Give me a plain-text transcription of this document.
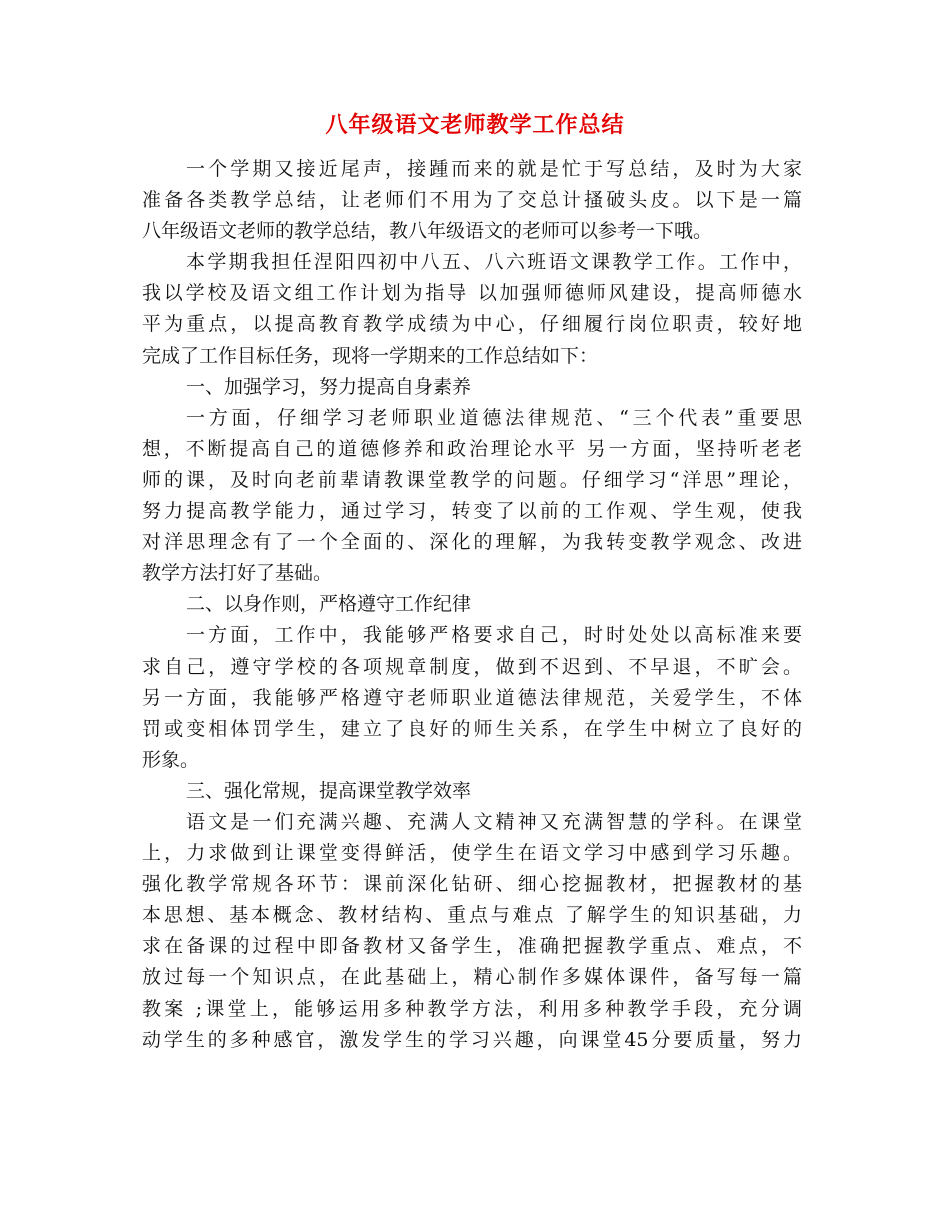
八年级语文老师教学工作总结
一个学期又接近尾声，接踵而来的就是忙于写总结，及时为大家
准备各类教学总结，让老师们不用为了交总计搔破头皮。以下是一篇
八年级语文老师的教学总结，教八年级语文的老师可以参考一下哦。
本学期我担任涅阳四初中八五、八六班语文课教学工作。工作中，
我以学校及语文组工作计划为指导 以加强师德师风建设，提高师德水
平为重点，以提高教育教学成绩为中心，仔细履行岗位职责，较好地
完成了工作目标任务，现将一学期来的工作总结如下：
一、加强学习，努力提高自身素养
一方面，仔细学习老师职业道德法律规范、“三个代表”重要思
想，不断提高自己的道德修养和政治理论水平 另一方面，坚持听老老
师的课，及时向老前辈请教课堂教学的问题。仔细学习“洋思”理论，
努力提高教学能力，通过学习，转变了以前的工作观、学生观，使我
对洋思理念有了一个全面的、深化的理解，为我转变教学观念、改进
教学方法打好了基础。
二、以身作则，严格遵守工作纪律
一方面，工作中，我能够严格要求自己，时时处处以高标准来要
求自己，遵守学校的各项规章制度，做到不迟到、不早退，不旷会。
另一方面，我能够严格遵守老师职业道德法律规范，关爱学生，不体
罚或变相体罚学生，建立了良好的师生关系，在学生中树立了良好的
形象。
三、强化常规，提高课堂教学效率
语文是一们充满兴趣、充满人文精神又充满智慧的学科。在课堂
上，力求做到让课堂变得鲜活，使学生在语文学习中感到学习乐趣。
强化教学常规各环节：课前深化钻研、细心挖掘教材，把握教材的基
本思想、基本概念、教材结构、重点与难点 了解学生的知识基础，力
求在备课的过程中即备教材又备学生，准确把握教学重点、难点，不
放过每一个知识点，在此基础上，精心制作多媒体课件，备写每一篇
教案 ;课堂上，能够运用多种教学方法，利用多种教学手段，充分调
动学生的多种感官，激发学生的学习兴趣，向课堂45分要质量，努力
